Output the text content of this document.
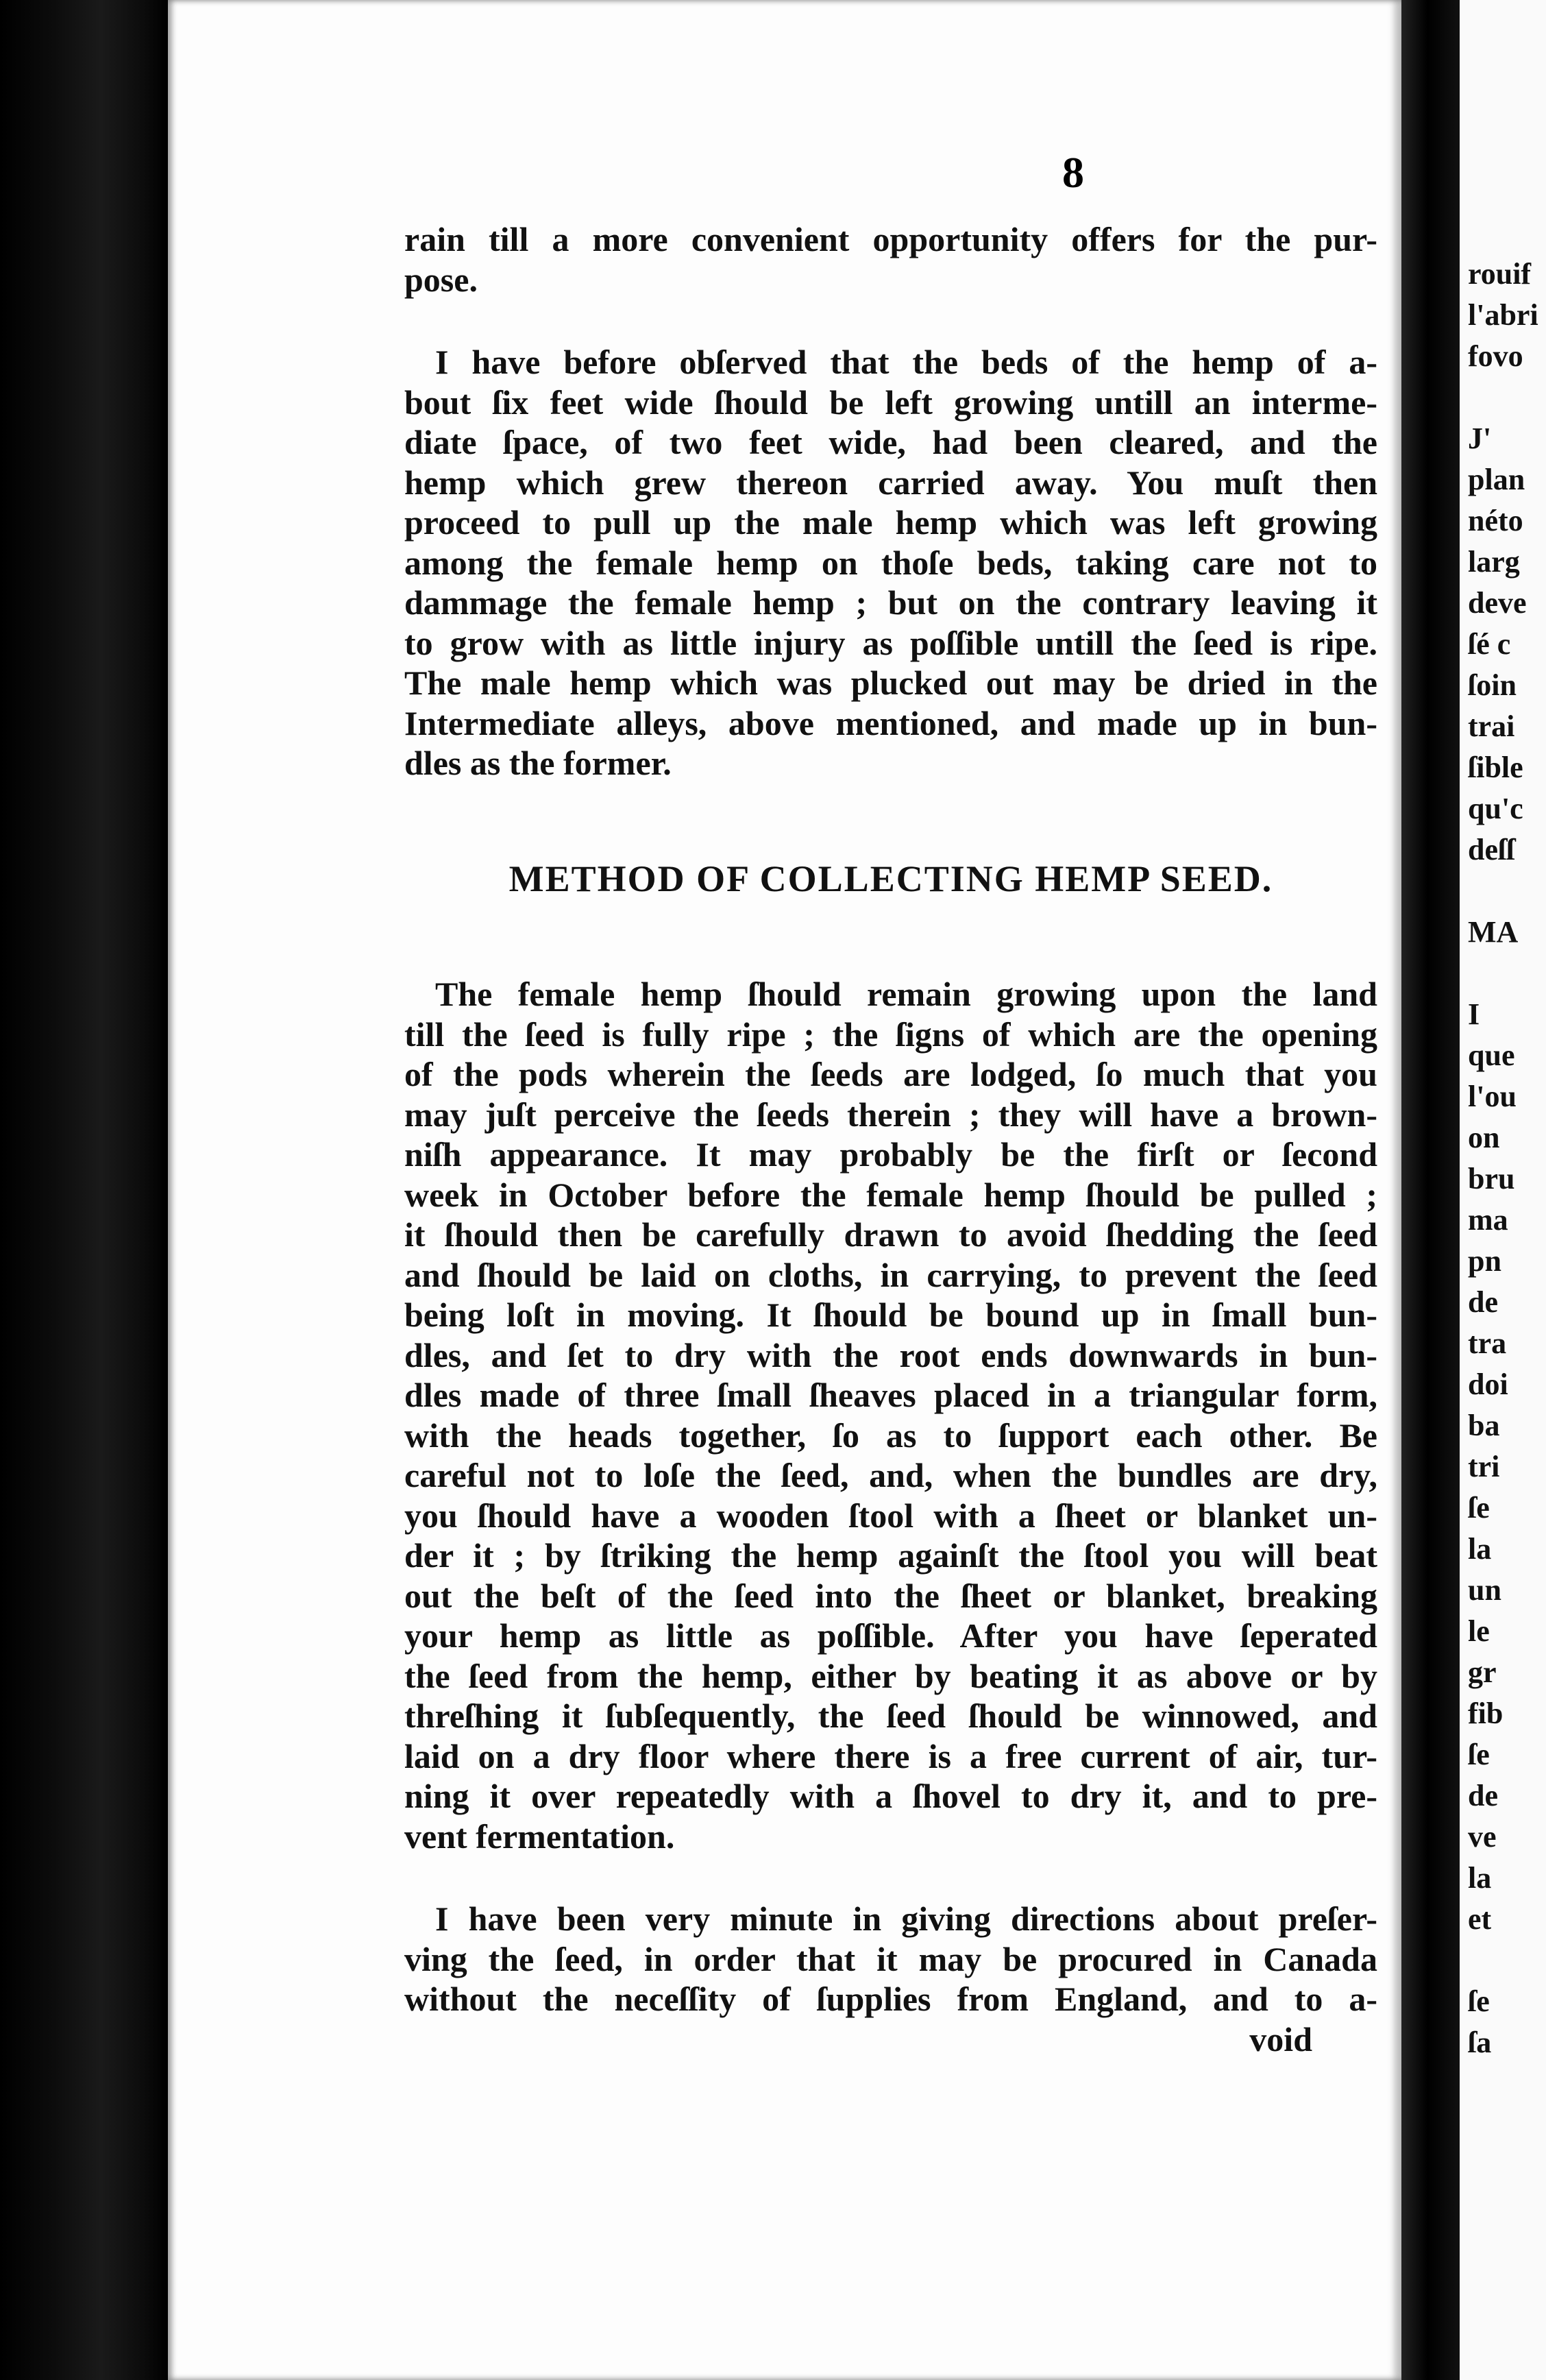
8

rain till a more convenient opportunity offers for the pur-
pose.

I have before obſerved that the beds of the hemp of a-
bout ſix feet wide ſhould be left growing untill an interme-
diate ſpace, of two feet wide, had been cleared, and the
hemp which grew thereon carried away. You muſt then
proceed to pull up the male hemp which was left growing
among the female hemp on thoſe beds, taking care not to
dammage the female hemp ; but on the contrary leaving it
to grow with as little injury as poſſible untill the ſeed is ripe.
The male hemp which was plucked out may be dried in the
Intermediate alleys, above mentioned, and made up in bun-
dles as the former.

METHOD OF COLLECTING HEMP SEED.

The female hemp ſhould remain growing upon the land
till the ſeed is fully ripe ; the ſigns of which are the opening
of the pods wherein the ſeeds are lodged, ſo much that you
may juſt perceive the ſeeds therein ; they will have a brown-
niſh appearance. It may probably be the firſt or ſecond
week in October before the female hemp ſhould be pulled ;
it ſhould then be carefully drawn to avoid ſhedding the ſeed
and ſhould be laid on cloths, in carrying, to prevent the ſeed
being loſt in moving. It ſhould be bound up in ſmall bun-
dles, and ſet to dry with the root ends downwards in bun-
dles made of three ſmall ſheaves placed in a triangular form,
with the heads together, ſo as to ſupport each other. Be
careful not to loſe the ſeed, and, when the bundles are dry,
you ſhould have a wooden ſtool with a ſheet or blanket un-
der it ; by ſtriking the hemp againſt the ſtool you will beat
out the beſt of the ſeed into the ſheet or blanket, breaking
your hemp as little as poſſible. After you have ſeperated
the ſeed from the hemp, either by beating it as above or by
threſhing it ſubſequently, the ſeed ſhould be winnowed, and
laid on a dry floor where there is a free current of air, tur-
ning it over repeatedly with a ſhovel to dry it, and to pre-
vent fermentation.

I have been very minute in giving directions about preſer-
ving the ſeed, in order that it may be procured in Canada
without the neceſſity of ſupplies from England, and to a-

void
rouif
l'abri
fovo

J'
plan
néto
larg
deve
ſé c
ſoin
trai
ſible
qu'c
deſſ

MA

I
que
l'ou
on
bru
ma
pn
de
tra
doi
ba
tri
ſe
la
un
le
gr
fib
ſe
de
ve
la
et

ſe
ſa
